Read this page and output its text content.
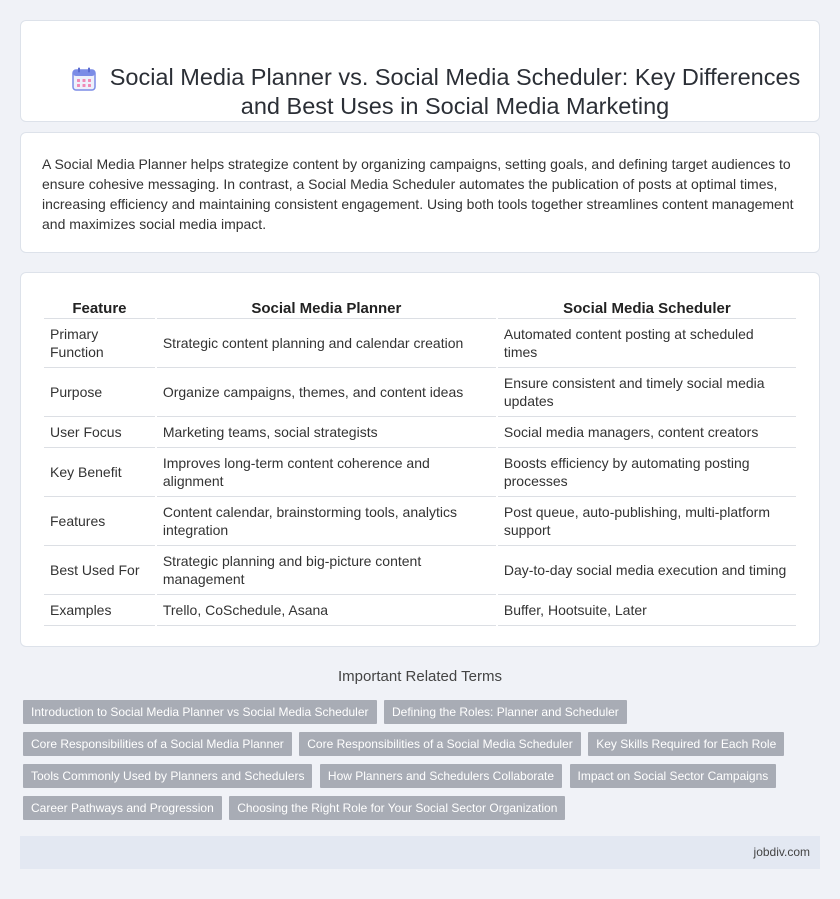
Social Media Planner vs. Social Media Scheduler: Key Differences and Best Uses in Social Media Marketing

A Social Media Planner helps strategize content by organizing campaigns, setting goals, and defining target audiences to ensure cohesive messaging. In contrast, a Social Media Scheduler automates the publication of posts at optimal times, increasing efficiency and maintaining consistent engagement. Using both tools together streamlines content management and maximizes social media impact.

Feature	Social Media Planner	Social Media Scheduler
Primary Function	Strategic content planning and calendar creation	Automated content posting at scheduled times
Purpose	Organize campaigns, themes, and content ideas	Ensure consistent and timely social media updates
User Focus	Marketing teams, social strategists	Social media managers, content creators
Key Benefit	Improves long-term content coherence and alignment	Boosts efficiency by automating posting processes
Features	Content calendar, brainstorming tools, analytics integration	Post queue, auto-publishing, multi-platform support
Best Used For	Strategic planning and big-picture content management	Day-to-day social media execution and timing
Examples	Trello, CoSchedule, Asana	Buffer, Hootsuite, Later
Important Related Terms
Introduction to Social Media Planner vs Social Media Scheduler Defining the Roles: Planner and Scheduler Core Responsibilities of a Social Media Planner Core Responsibilities of a Social Media Scheduler Key Skills Required for Each Role Tools Commonly Used by Planners and Schedulers How Planners and Schedulers Collaborate Impact on Social Sector Campaigns Career Pathways and Progression Choosing the Right Role for Your Social Sector Organization
jobdiv.com
